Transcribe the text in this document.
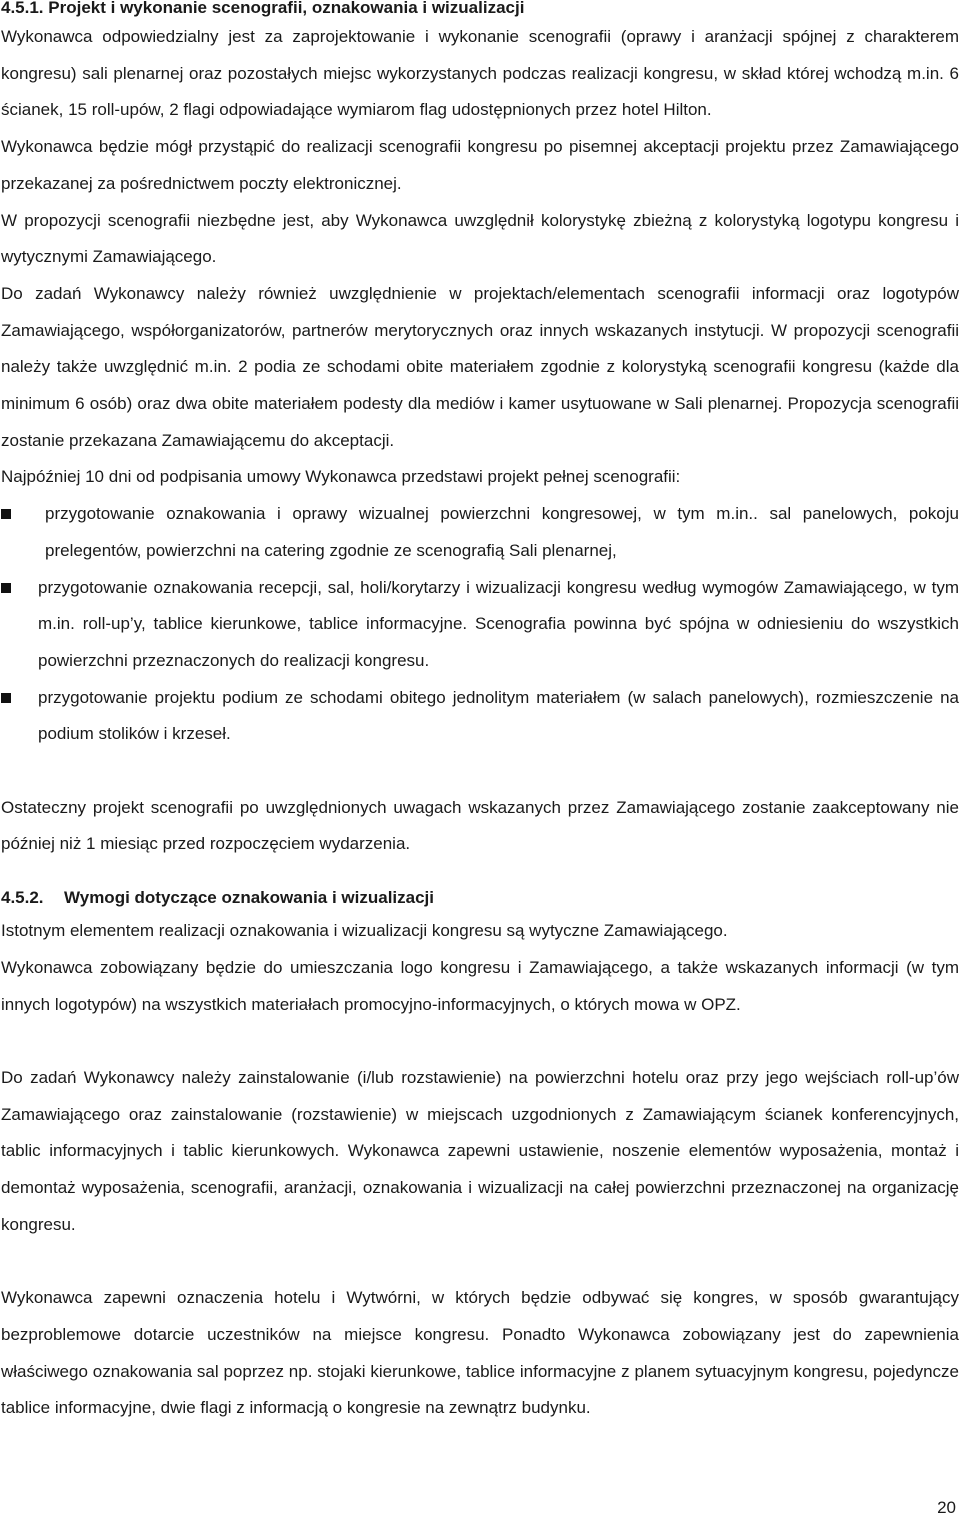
4.5.1. Projekt i wykonanie scenografii, oznakowania i wizualizacji

Wykonawca odpowiedzialny jest za zaprojektowanie i wykonanie scenografii (oprawy i aranżacji spójnej z charakterem kongresu) sali plenarnej oraz pozostałych miejsc wykorzystanych podczas realizacji kongresu, w skład której wchodzą m.in. 6 ścianek, 15 roll-upów, 2 flagi odpowiadające wymiarom flag udostępnionych przez hotel Hilton.

Wykonawca będzie mógł przystąpić do realizacji scenografii kongresu po pisemnej akceptacji projektu przez Zamawiającego przekazanej za pośrednictwem poczty elektronicznej.

W propozycji scenografii niezbędne jest, aby Wykonawca uwzględnił kolorystykę zbieżną z kolorystyką logotypu kongresu i wytycznymi Zamawiającego.

Do zadań Wykonawcy należy również uwzględnienie w projektach/elementach scenografii informacji oraz logotypów Zamawiającego, współorganizatorów, partnerów merytorycznych oraz innych wskazanych instytucji. W propozycji scenografii należy także uwzględnić m.in. 2 podia ze schodami obite materiałem zgodnie z kolorystyką scenografii kongresu (każde dla minimum 6 osób) oraz dwa obite materiałem podesty dla mediów i kamer usytuowane w Sali plenarnej. Propozycja scenografii zostanie przekazana Zamawiającemu do akceptacji.

Najpóźniej 10 dni od podpisania umowy Wykonawca przedstawi projekt pełnej scenografii:

przygotowanie oznakowania i oprawy wizualnej powierzchni kongresowej, w tym m.in.. sal panelowych, pokoju prelegentów, powierzchni na catering zgodnie ze scenografią Sali plenarnej,
przygotowanie oznakowania recepcji, sal, holi/korytarzy i wizualizacji kongresu według wymogów Zamawiającego, w tym m.in. roll-up’y, tablice kierunkowe, tablice informacyjne. Scenografia powinna być spójna w odniesieniu do wszystkich powierzchni przeznaczonych do realizacji kongresu.
przygotowanie projektu podium ze schodami obitego jednolitym materiałem (w salach panelowych), rozmieszczenie na podium stolików i krzeseł.

Ostateczny projekt scenografii po uwzględnionych uwagach wskazanych przez Zamawiającego zostanie zaakceptowany nie później niż 1 miesiąc przed rozpoczęciem wydarzenia.

4.5.2. Wymogi dotyczące oznakowania i wizualizacji

Istotnym elementem realizacji oznakowania i wizualizacji kongresu są wytyczne Zamawiającego.

Wykonawca zobowiązany będzie do umieszczania logo kongresu i Zamawiającego, a także wskazanych informacji (w tym innych logotypów) na wszystkich materiałach promocyjno-informacyjnych, o których mowa w OPZ.

Do zadań Wykonawcy należy zainstalowanie (i/lub rozstawienie) na powierzchni hotelu oraz przy jego wejściach roll-up’ów Zamawiającego oraz zainstalowanie (rozstawienie) w miejscach uzgodnionych z Zamawiającym ścianek konferencyjnych, tablic informacyjnych i tablic kierunkowych. Wykonawca zapewni ustawienie, noszenie elementów wyposażenia, montaż i demontaż wyposażenia, scenografii, aranżacji, oznakowania i wizualizacji na całej powierzchni przeznaczonej na organizację kongresu.

Wykonawca zapewni oznaczenia hotelu i Wytwórni, w których będzie odbywać się kongres, w sposób gwarantujący bezproblemowe dotarcie uczestników na miejsce kongresu. Ponadto Wykonawca zobowiązany jest do zapewnienia właściwego oznakowania sal poprzez np. stojaki kierunkowe, tablice informacyjne z planem sytuacyjnym kongresu, pojedyncze tablice informacyjne, dwie flagi z informacją o kongresie na zewnątrz budynku.

20
